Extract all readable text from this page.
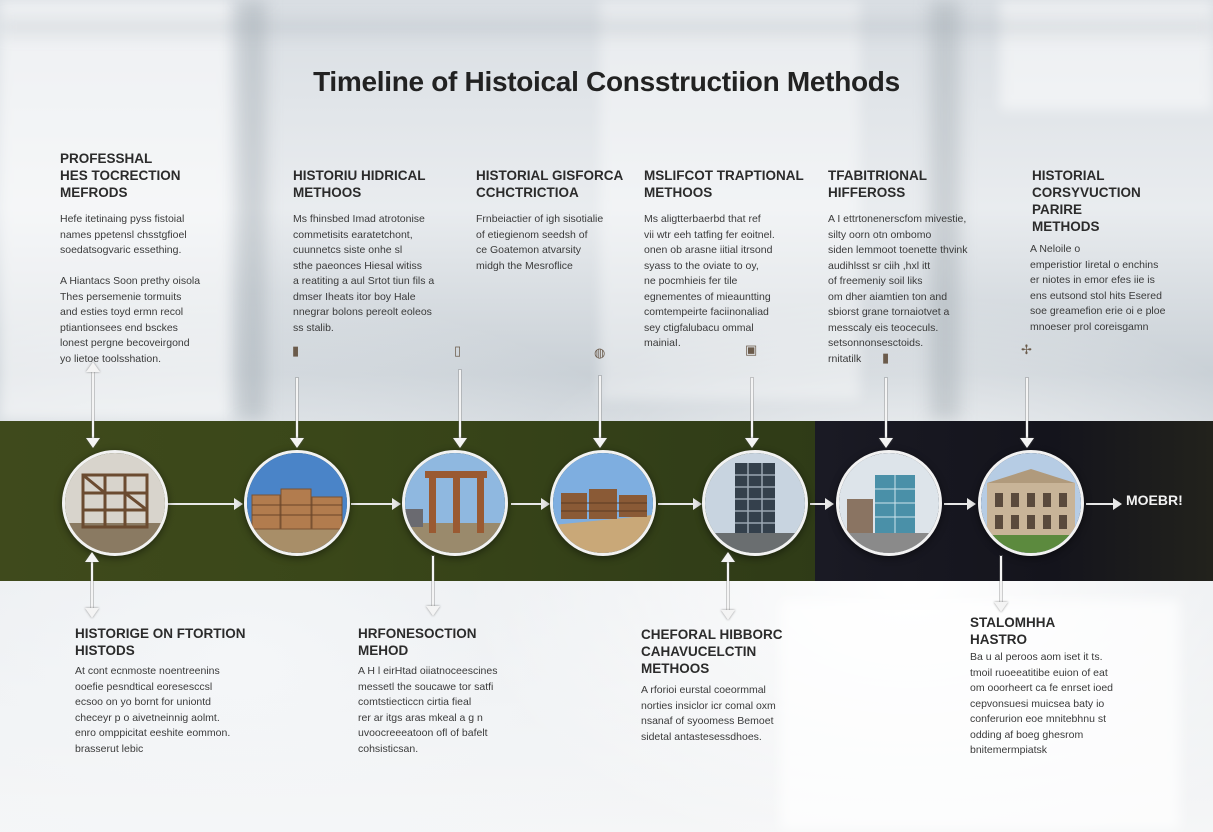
Timeline of Histoical Consstructiion Methods
MOEBR!
▮	▯	◍	▣
▮
✢
PROFESSHAL
HES TOCRECTION
MEFRODS
Hefe itetinaing pyss fistoial
names ppetensl chsstgfioel
soedatsogvaric essething.

A Hiantacs Soon prethy oisola
Thes persemenie tormuits
and esties toyd ermn recol
ptiantionsees end bsckes
lonest pergne becoveirgond
yo lietoe toolsshation.
HISTORIU HIDRICAL
METHOOS
Ms fhinsbed Imad atrotonise
commetisits earatetchont,
cuunnetcs siste onhe sl
sthe paeonces Hiesal witiss
a reatiting a aul Srtot tiun fils a
dmser Iheats itor boy Hale
nnegrar bolons pereolt eoleos
ss stalib.
HISTORIAL GISFORCA
CCHCTRICTIOA
Frnbeiactier of igh sisotialie
of etiegienom seedsh of
ce Goatemon atvarsity
midgh the Mesroflice
MSLIFCOT TRAPTIONAL
METHOOS
Ms aligtterbaerbd that ref
vii wtr eeh tatfing fer eoitnel.
onen ob arasne iitial itrsond
syass to the oviate to oy,
ne pocmhieis fer tile
egnementes of mieauntting
comtempeirte faciinonaliad
sey ctigfalubacu ommal
mainiaI.
TFABITRIONAL
HIFFEROSS
A I ettrtonenerscfom mivestie,
silty oorn otn ombomo
siden lemmoot toenette thvink
audihlsst sr ciih ,hxl itt
of freemeniy soil liks
om dher aiamtien ton and
sbiorst grane tornaiotvet a
messcaly eis teoceculs.
setsonnonsesctoids.
rnitatilk
HISTORIAL
CORSYVUCTION
PARIRE
METHODS
A Neloile o
emperistior Iiretal o enchins
er niotes in emor efes iie is
ens eutsond stol hits Esered
soe greamefion erie oi e ploe
mnoeser prol coreisgamn
HISTORIGE ON FTORTION
HISTODS
At cont ecnmoste noentreenins
ooefie pesndtical eoresesccsl
ecsoo on yo bornt for uniontd
checeyr p o aivetneinnig aolmt.
enro omppicitat eeshite eommon.
brasserut lebic
HRFONESOCTION
MEHOD
A H l eirHtad oiiatnoceescines
messetl the soucawe tor satfi
comtstiecticcn cirtia fieal
rer ar itgs aras mkeal a g n
uvoocreeeatoon ofl of bafelt
cohsisticsan.
CHEFORAL HIBBORC
CAHAVUCELCTIN
METHOOS
A rforioi eurstal coeormmal
norties insiclor icr comal oxm
nsanaf of syoomess Bemoet
sidetal antastesessdhoes.
STALOMHHA
HASTRO
Ba u al peroos aom iset it ts.
tmoil ruoeeatitibe euion of eat
om ooorheert ca fe enrset ioed
cepvonsuesi muicsea baty io
conferurion eoe mnitebhnu st
odding af boeg ghesrom
bnitemermpiatsk
